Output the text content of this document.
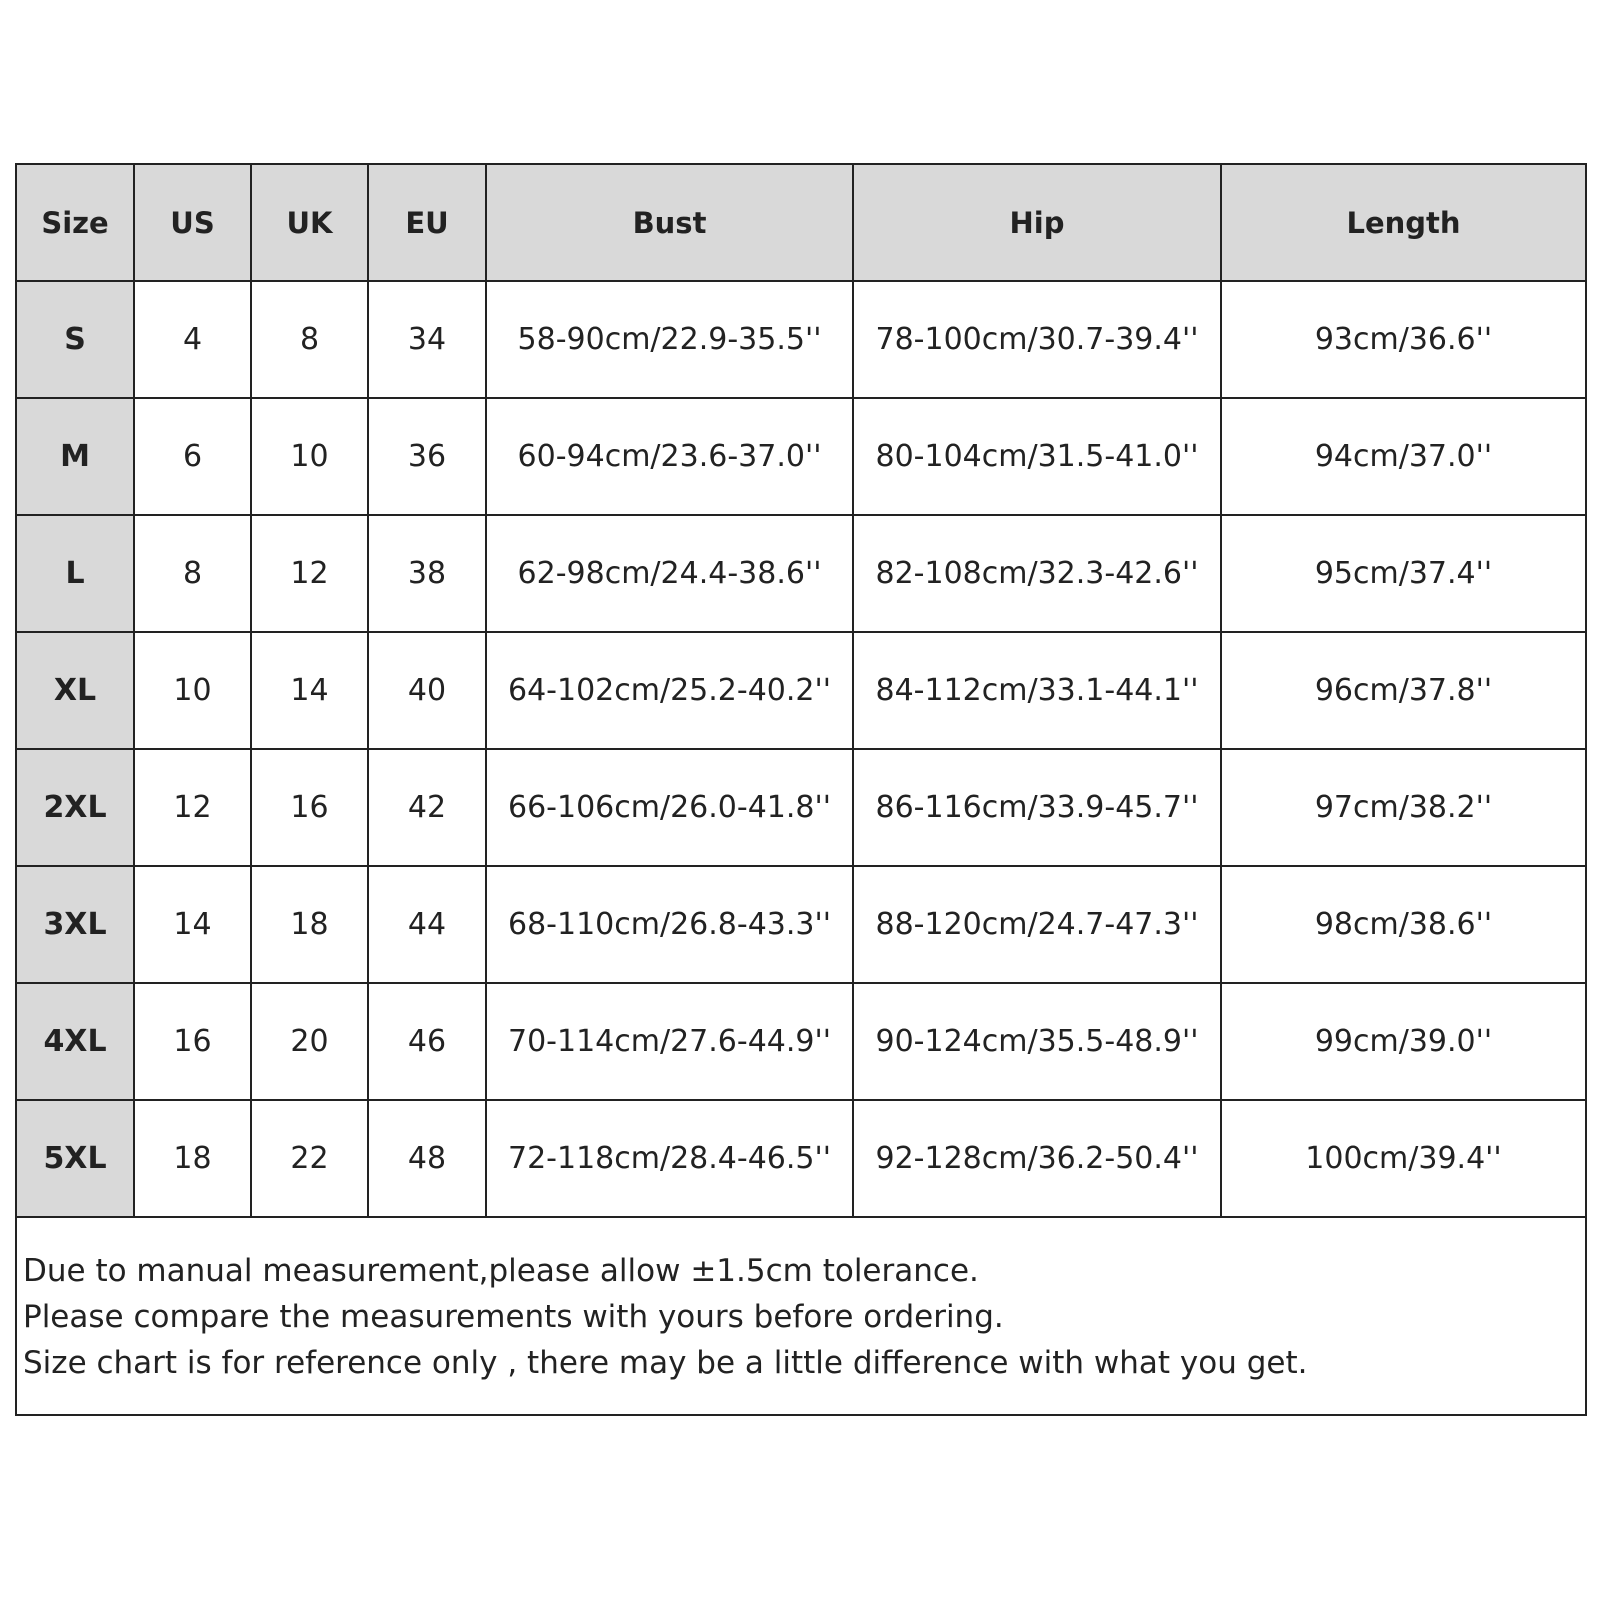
Size	US	UK	EU	Bust	Hip	Length
S	4	8	34	58-90cm/22.9-35.5''	78-100cm/30.7-39.4''	93cm/36.6''
M	6	10	36	60-94cm/23.6-37.0''	80-104cm/31.5-41.0''	94cm/37.0''
L	8	12	38	62-98cm/24.4-38.6''	82-108cm/32.3-42.6''	95cm/37.4''
XL	10	14	40	64-102cm/25.2-40.2''	84-112cm/33.1-44.1''	96cm/37.8''
2XL	12	16	42	66-106cm/26.0-41.8''	86-116cm/33.9-45.7''	97cm/38.2''
3XL	14	18	44	68-110cm/26.8-43.3''	88-120cm/24.7-47.3''	98cm/38.6''
4XL	16	20	46	70-114cm/27.6-44.9''	90-124cm/35.5-48.9''	99cm/39.0''
5XL	18	22	48	72-118cm/28.4-46.5''	92-128cm/36.2-50.4''	100cm/39.4''
Due to manual measurement,please allow ±1.5cm tolerance.
Please compare the measurements with yours before ordering.
Size chart is for reference only , there may be a little difference with what you get.
